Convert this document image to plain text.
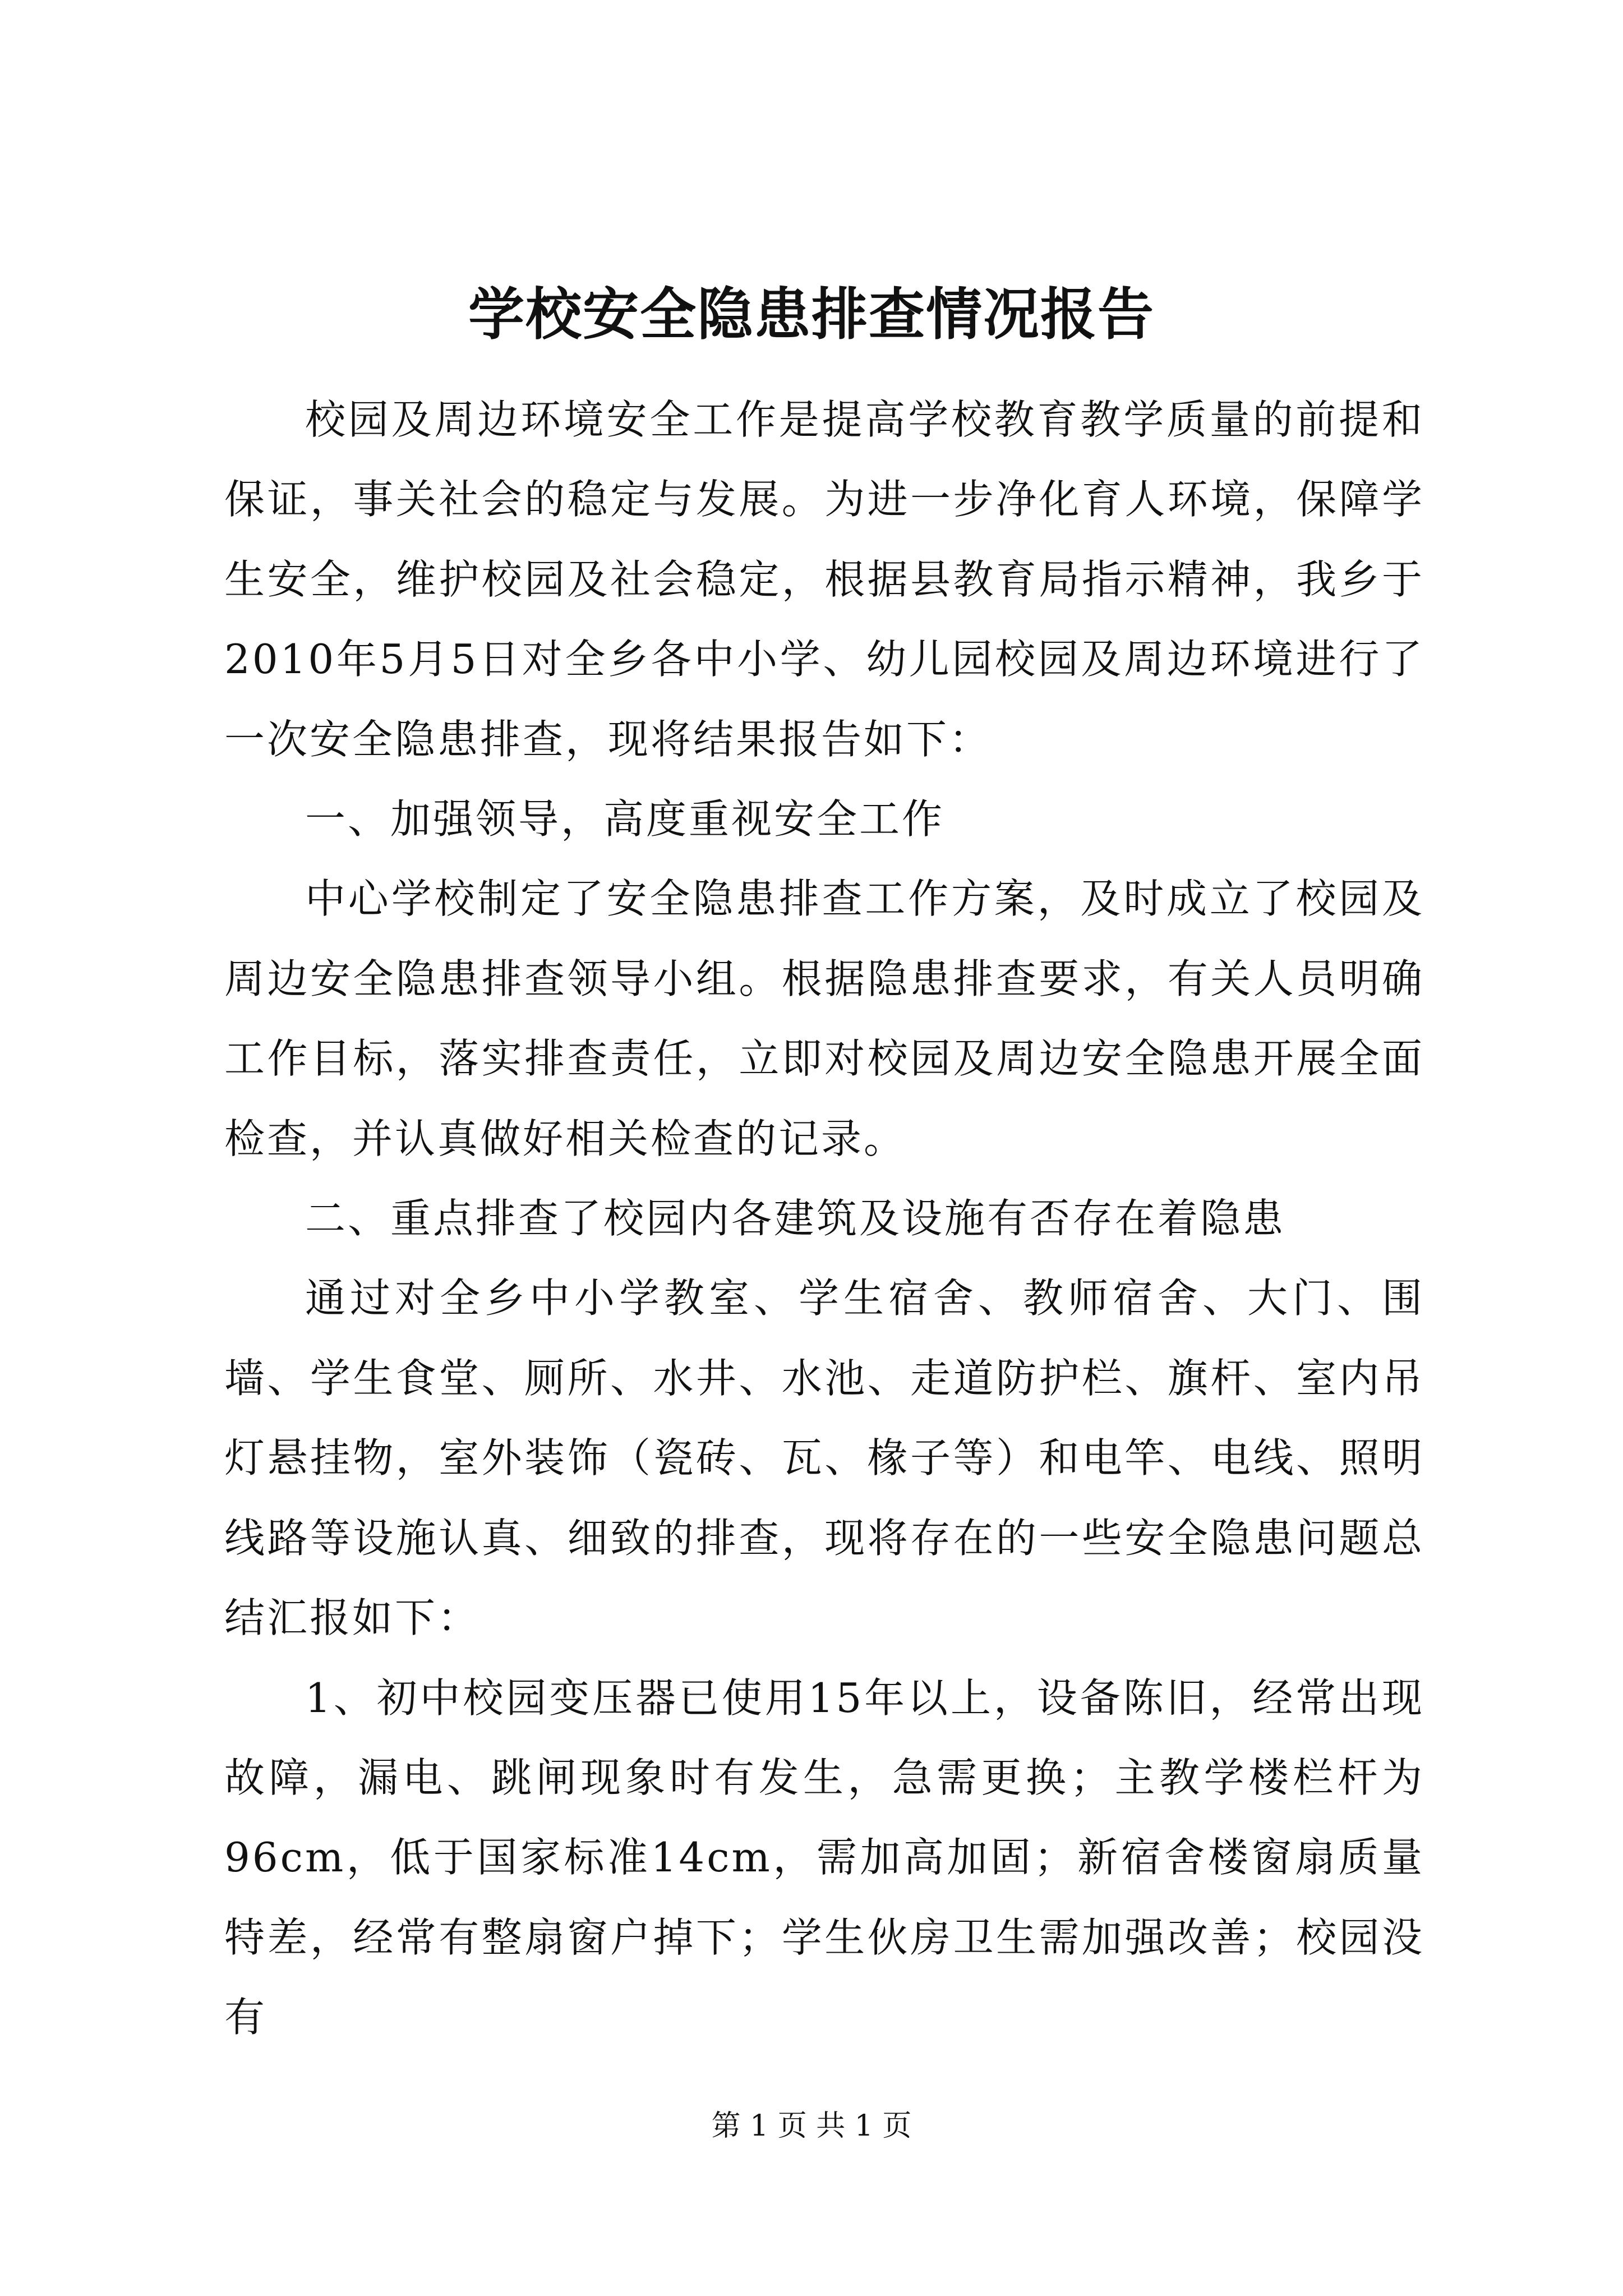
学校安全隐患排查情况报告

校园及周边环境安全工作是提高学校教育教学质量的前提和保证，事关社会的稳定与发展。为进一步净化育人环境，保障学生安全，维护校园及社会稳定，根据县教育局指示精神，我乡于2010年5月5日对全乡各中小学、幼儿园校园及周边环境进行了一次安全隐患排查，现将结果报告如下：

一、加强领导，高度重视安全工作

中心学校制定了安全隐患排查工作方案，及时成立了校园及周边安全隐患排查领导小组。根据隐患排查要求，有关人员明确工作目标，落实排查责任，立即对校园及周边安全隐患开展全面检查，并认真做好相关检查的记录。

二、重点排查了校园内各建筑及设施有否存在着隐患

通过对全乡中小学教室、学生宿舍、教师宿舍、大门、围墙、学生食堂、厕所、水井、水池、走道防护栏、旗杆、室内吊灯悬挂物，室外装饰（瓷砖、瓦、椽子等）和电竿、电线、照明线路等设施认真、细致的排查，现将存在的一些安全隐患问题总结汇报如下：

1、初中校园变压器已使用15年以上，设备陈旧，经常出现故障，漏电、跳闸现象时有发生，急需更换；主教学楼栏杆为96cm，低于国家标准14cm，需加高加固；新宿舍楼窗扇质量特差，经常有整扇窗户掉下；学生伙房卫生需加强改善；校园没有

第 1 页 共 1 页
